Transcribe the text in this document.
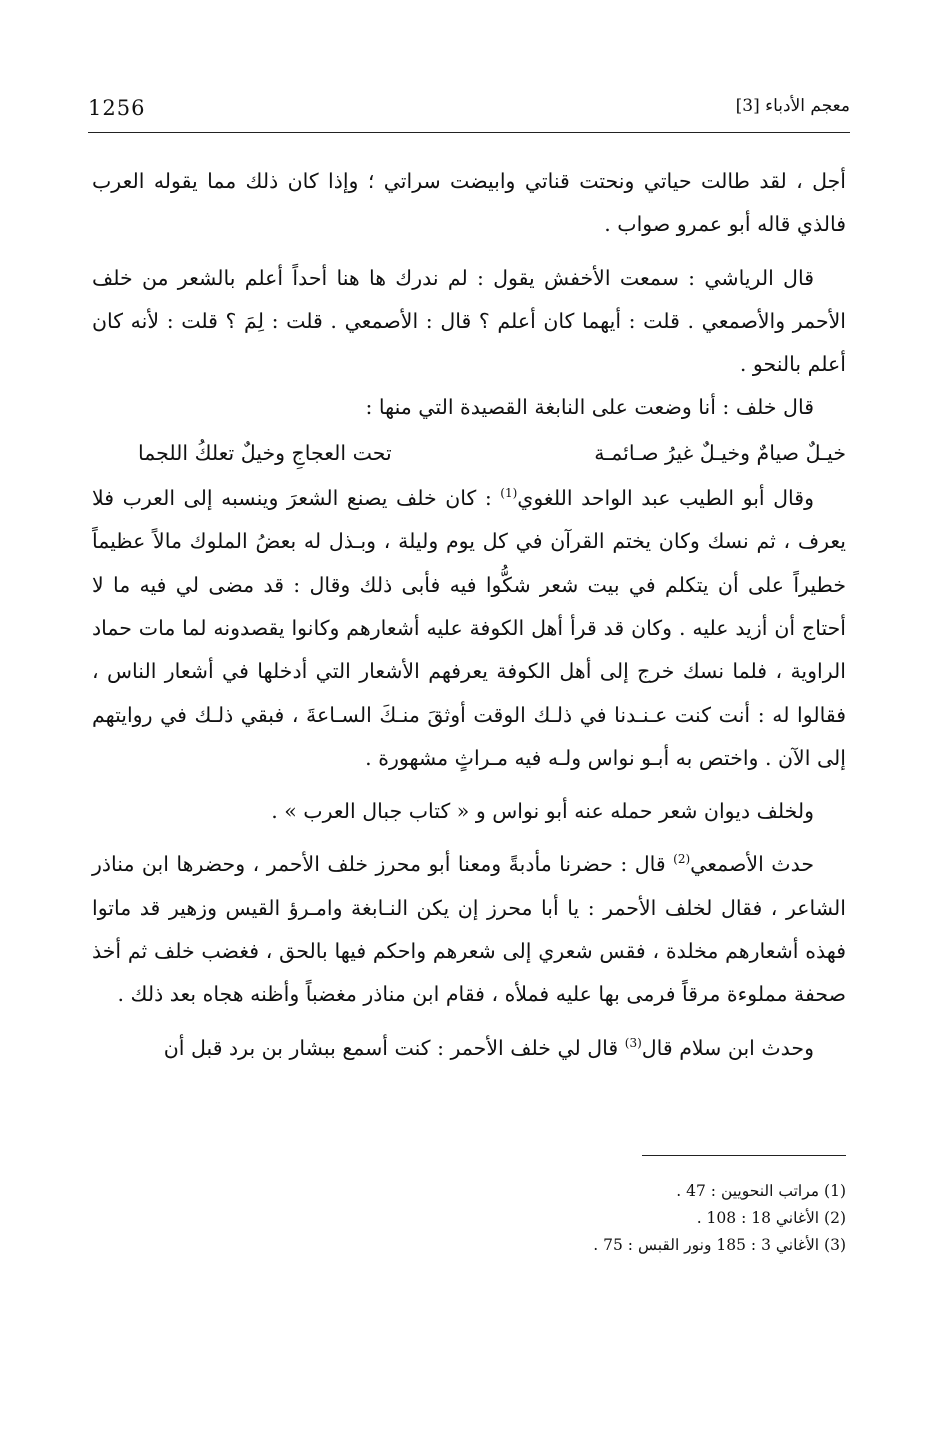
1256	معجم الأدباء [3]

أجل ، لقد طالت حياتي ونحتت قناتي وابيضت سراتي ؛ وإذا كان ذلك مما يقوله العرب فالذي قاله أبو عمرو صواب .

قال الرياشي : سمعت الأخفش يقول : لم ندرك ها هنا أحداً أعلم بالشعر من خلف الأحمر والأصمعي . قلت : أيهما كان أعلم ؟ قال : الأصمعي . قلت : لِمَ ؟ قلت : لأنه كان أعلم بالنحو .

قال خلف : أنا وضعت على النابغة القصيدة التي منها :

خيـلٌ صيامٌ وخيـلٌ غيرُ صـائمـة
تحت العجاجِ وخيلٌ تعلكُ اللجما

وقال أبو الطيب عبد الواحد اللغوي$^{(1)}$ : كان خلف يصنع الشعرَ وينسبه إلى العرب فلا يعرف ، ثم نسك وكان يختم القرآن في كل يوم وليلة ، وبـذل له بعضُ الملوك مالاً عظيماً خطيراً على أن يتكلم في بيت شعر شكُّوا فيه فأبى ذلك وقال : قد مضى لي فيه ما لا أحتاج أن أزيد عليه . وكان قد قرأ أهل الكوفة عليه أشعارهم وكانوا يقصدونه لما مات حماد الراوية ، فلما نسك خرج إلى أهل الكوفة يعرفهم الأشعار التي أدخلها في أشعار الناس ، فقالوا له : أنت كنت عـنـدنا في ذلـك الوقت أوثقَ منـكَ السـاعةَ ، فبقي ذلـك في روايتهم إلى الآن . واختص به أبـو نواس ولـه فيه مـراثٍ مشهورة .

ولخلف ديوان شعر حمله عنه أبو نواس و « كتاب جبال العرب » .

حدث الأصمعي$^{(2)}$ قال : حضرنا مأدبةً ومعنا أبو محرز خلف الأحمر ، وحضرها ابن مناذر الشاعر ، فقال لخلف الأحمر : يا أبا محرز إن يكن النـابغة وامـرؤ القيس وزهير قد ماتوا فهذه أشعارهم مخلدة ، فقس شعري إلى شعرهم واحكم فيها بالحق ، فغضب خلف ثم أخذ صحفة مملوءة مرقاً فرمى بها عليه فملأه ، فقام ابن مناذر مغضباً وأظنه هجاه بعد ذلك .

وحدث ابن سلام قال$^{(3)}$ قال لي خلف الأحمر : كنت أسمع ببشار بن برد قبل أن

(1) مراتب النحويين : 47 .

(2) الأغاني 18 : 108 .

(3) الأغاني 3 : 185 ونور القبس : 75 .
